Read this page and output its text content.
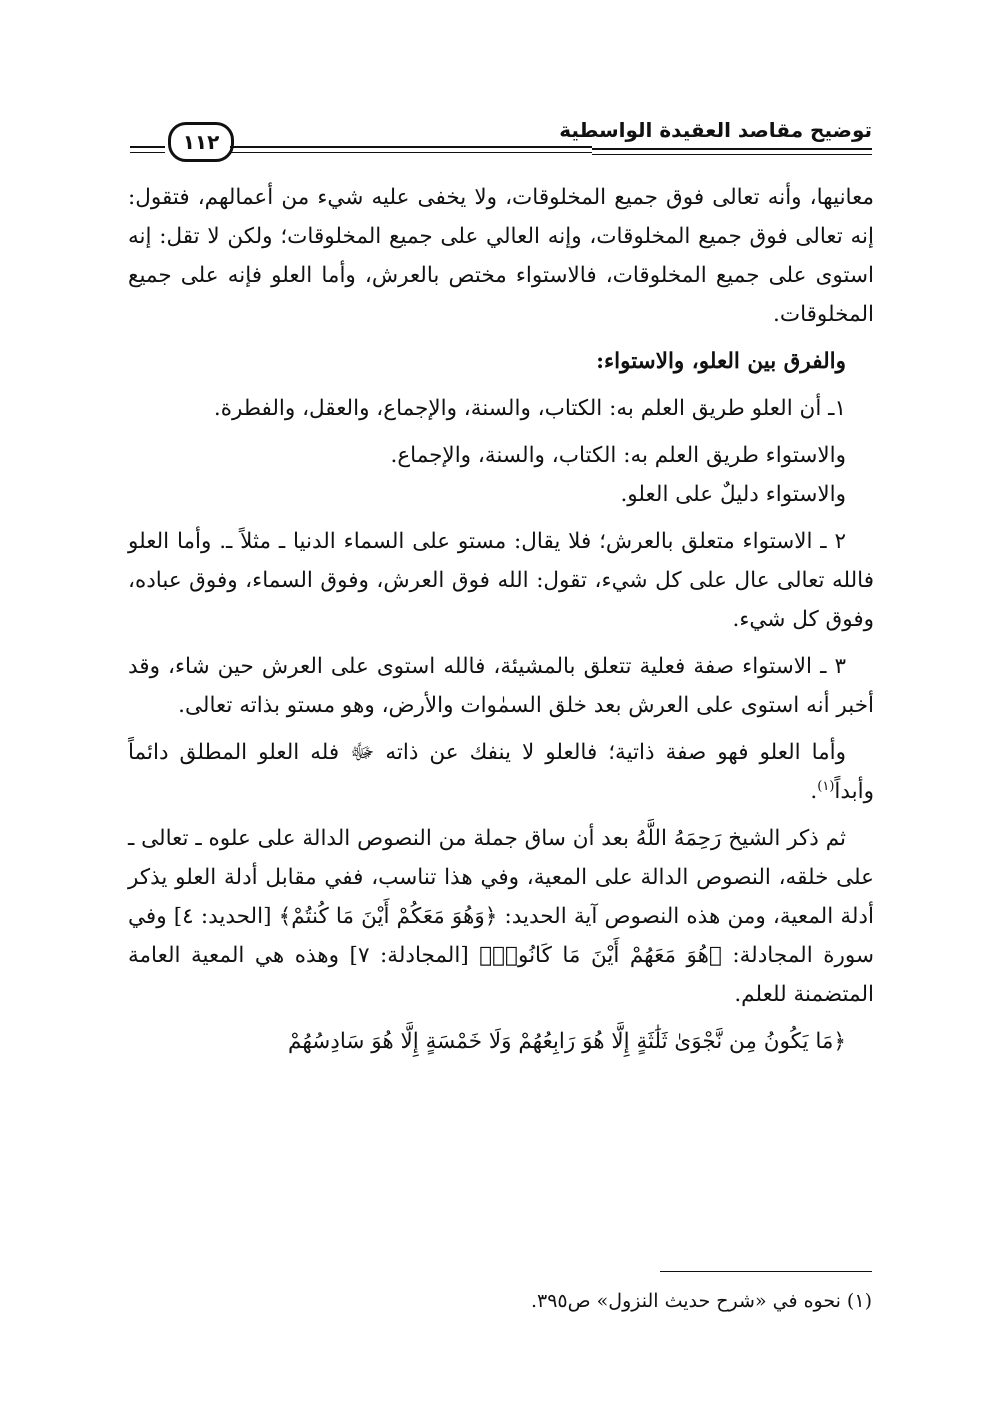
توضيح مقاصد العقيدة الواسطية
١١٢

معانيها، وأنه تعالى فوق جميع المخلوقات، ولا يخفى عليه شيء من أعمالهم، فتقول: إنه تعالى فوق جميع المخلوقات، وإنه العالي على جميع المخلوقات؛ ولكن لا تقل: إنه استوى على جميع المخلوقات، فالاستواء مختص بالعرش، وأما العلو فإنه على جميع المخلوقات.

والفرق بين العلو، والاستواء:

١ـ أن العلو طريق العلم به: الكتاب، والسنة، والإجماع، والعقل، والفطرة.

والاستواء طريق العلم به: الكتاب، والسنة، والإجماع.

والاستواء دليلٌ على العلو.

٢ ـ الاستواء متعلق بالعرش؛ فلا يقال: مستو على السماء الدنيا ـ مثلاً ـ. وأما العلو فالله تعالى عال على كل شيء، تقول: الله فوق العرش، وفوق السماء، وفوق عباده، وفوق كل شيء.

٣ ـ الاستواء صفة فعلية تتعلق بالمشيئة، فالله استوى على العرش حين شاء، وقد أخبر أنه استوى على العرش بعد خلق السمٰوات والأرض، وهو مستو بذاته تعالى.

وأما العلو فهو صفة ذاتية؛ فالعلو لا ينفك عن ذاته ﷻ فله العلو المطلق دائماً وأبداً$^{(١)}$.

ثم ذكر الشيخ رَحِمَهُ اللَّهُ بعد أن ساق جملة من النصوص الدالة على علوه ـ تعالى ـ على خلقه، النصوص الدالة على المعية، وفي هذا تناسب، ففي مقابل أدلة العلو يذكر أدلة المعية، ومن هذه النصوص آية الحديد: ﴿وَهُوَ مَعَكُمْ أَيْنَ مَا كُنتُمْ﴾ [الحديد: ٤] وفي سورة المجادلة: ﴿هُوَ مَعَهُمْ أَيْنَ مَا كَانُوا۟﴾ [المجادلة: ٧] وهذه هي المعية العامة المتضمنة للعلم.

﴿مَا يَكُونُ مِن نَّجْوَىٰ ثَلَٰثَةٍ إِلَّا هُوَ رَابِعُهُمْ وَلَا خَمْسَةٍ إِلَّا هُوَ سَادِسُهُمْ

(١) نحوه في «شرح حديث النزول» ص٣٩٥.
